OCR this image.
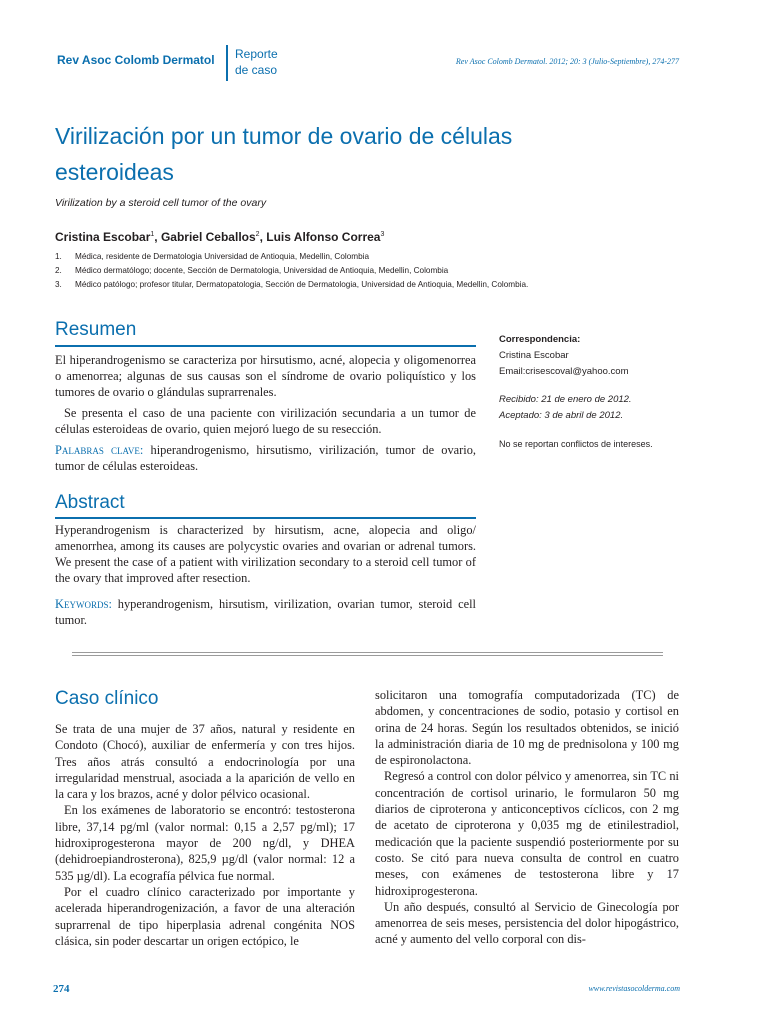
Rev Asoc Colomb Dermatol Reporte
de caso
Rev Asoc Colomb Dermatol. 2012; 20: 3 (Julio-Septiembre), 274-277
Virilización por un tumor de ovario de células esteroideas
Virilization by a steroid cell tumor of the ovary
Cristina Escobar$^1$, Gabriel Ceballos$^2$, Luis Alfonso Correa$^3$
1.	Médica, residente de Dermatologia Universidad de Antioquia, Medellin, Colombia
2.	Médico dermatólogo; docente, Sección de Dermatologia, Universidad de Antioquia, Medellin, Colombia
3.	Médico patólogo; profesor titular, Dermatopatologia, Sección de Dermatologia, Universidad de Antioquia, Medellin, Colombia.
Resumen

El hiperandrogenismo se caracteriza por hirsutismo, acné, alopecia y oligomenorrea o amenorrea; algunas de sus causas son el síndrome de ovario poliquístico y los tumores de ovario o glándulas suprarrenales.

Se presenta el caso de una paciente con virilización secundaria a un tumor de células esteroideas de ovario, quien mejoró luego de su resección.

Palabras clave: hiperandrogenismo, hirsutismo, virilización, tumor de ovario, tumor de células esteroideas.

Abstract

Hyperandrogenism is characterized by hirsutism, acne, alopecia and oligo/ amenorrhea, among its causes are polycystic ovaries and ovarian or adrenal tumors. We present the case of a patient with virilization secondary to a steroid cell tumor of the ovary that improved after resection.

Keywords: hyperandrogenism, hirsutism, virilization, ovarian tumor, steroid cell tumor.

Correspondencia:
Cristina Escobar
Email:crisescoval@yahoo.com
Recibido: 21 de enero de 2012.
Aceptado: 3 de abril de 2012.
No se reportan conflictos de intereses.
Caso clínico

Se trata de una mujer de 37 años, natural y residente en Condoto (Chocó), auxiliar de enfermería y con tres hijos. Tres años atrás consultó a endocrinología por una irregularidad menstrual, asociada a la aparición de vello en la cara y los brazos, acné y dolor pélvico ocasional.

En los exámenes de laboratorio se encontró: testosterona libre, 37,14 pg/ml (valor normal: 0,15 a 2,57 pg/ml); 17 hidroxiprogesterona mayor de 200 ng/dl, y DHEA (dehidroepiandrosterona), 825,9 µg/dl (valor normal: 12 a 535 µg/dl). La ecografía pélvica fue normal.

Por el cuadro clínico caracterizado por importante y acelerada hiperandrogenización, a favor de una alteración suprarrenal de tipo hiperplasia adrenal congénita NOS clásica, sin poder descartar un origen ectópico, le

solicitaron una tomografía computadorizada (TC) de abdomen, y concentraciones de sodio, potasio y cortisol en orina de 24 horas. Según los resultados obtenidos, se inició la administración diaria de 10 mg de prednisolona y 100 mg de espironolactona.

Regresó a control con dolor pélvico y amenorrea, sin TC ni concentración de cortisol urinario, le formularon 50 mg diarios de ciproterona y anticonceptivos cíclicos, con 2 mg de acetato de ciproterona y 0,035 mg de etinilestradiol, medicación que la paciente suspendió posteriormente por su costo. Se citó para nueva consulta de control en cuatro meses, con exámenes de testosterona libre y 17 hidroxiprogesterona.

Un año después, consultó al Servicio de Ginecología por amenorrea de seis meses, persistencia del dolor hipogástrico, acné y aumento del vello corporal con dis-

274	www.revistasocolderma.com
